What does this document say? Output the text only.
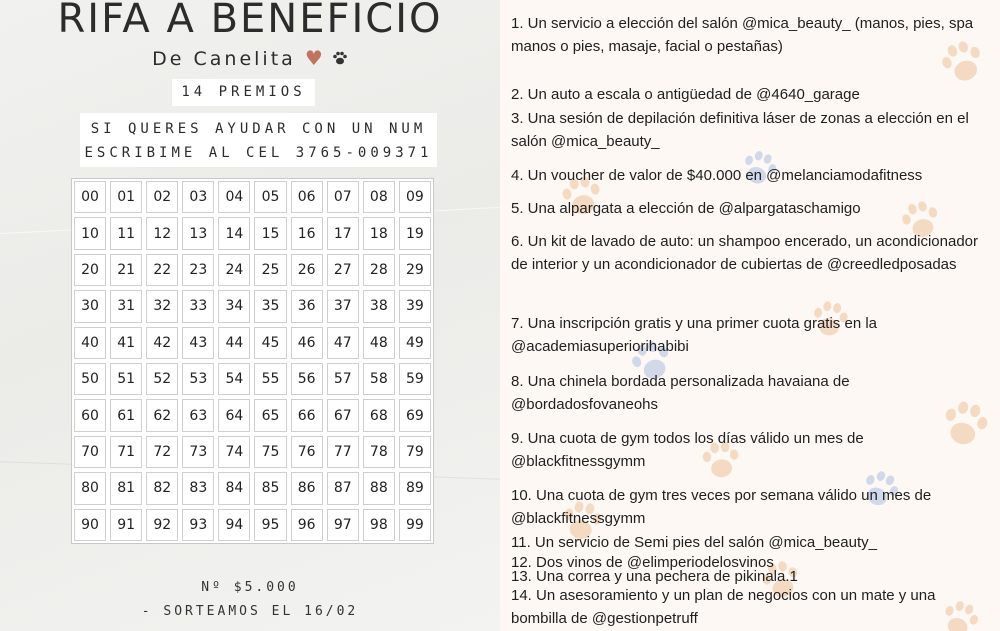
RIFA A BENEFICIO
De Canelita ♥
14 PREMIOS
SI QUERES AYUDAR CON UN NUM
ESCRIBIME AL CEL 3765-009371
00	01	02	03	04	05	06	07	08	09
10	11	12	13	14	15	16	17	18	19
20	21	22	23	24	25	26	27	28	29
30	31	32	33	34	35	36	37	38	39
40	41	42	43	44	45	46	47	48	49
50	51	52	53	54	55	56	57	58	59
60	61	62	63	64	65	66	67	68	69
70	71	72	73	74	75	76	77	78	79
80	81	82	83	84	85	86	87	88	89
90	91	92	93	94	95	96	97	98	99
Nº $5.000
- SORTEAMOS EL 16/02
1. Un servicio a elección del salón @mica_beauty_ (manos, pies, spa manos o pies, masaje, facial o pestañas)
2. Un auto a escala o antigüedad de @4640_garage
3. Una sesión de depilación definitiva láser de zonas a elección en el salón @mica_beauty_
4. Un voucher de valor de $40.000 en @melanciamodafitness
5. Una alpargata a elección de @alpargataschamigo
6. Un kit de lavado de auto: un shampoo encerado, un acondicionador de interior y un acondicionador de cubiertas de @creedledposadas
7. Una inscripción gratis y una primer cuota gratis en la @academiasuperiorihabibi
8. Una chinela bordada personalizada havaiana de @bordadosfovaneohs
9. Una cuota de gym todos los días válido un mes de @blackfitnessgymm
10. Una cuota de gym tres veces por semana válido un mes de @blackfitnessgymm
11. Un servicio de Semi pies del salón @mica_beauty_
12. Dos vinos de @elimperiodelosvinos
13. Una correa y una pechera de pikinala.1
14. Un asesoramiento y un plan de negocios con un mate y una bombilla de @gestionpetruff
